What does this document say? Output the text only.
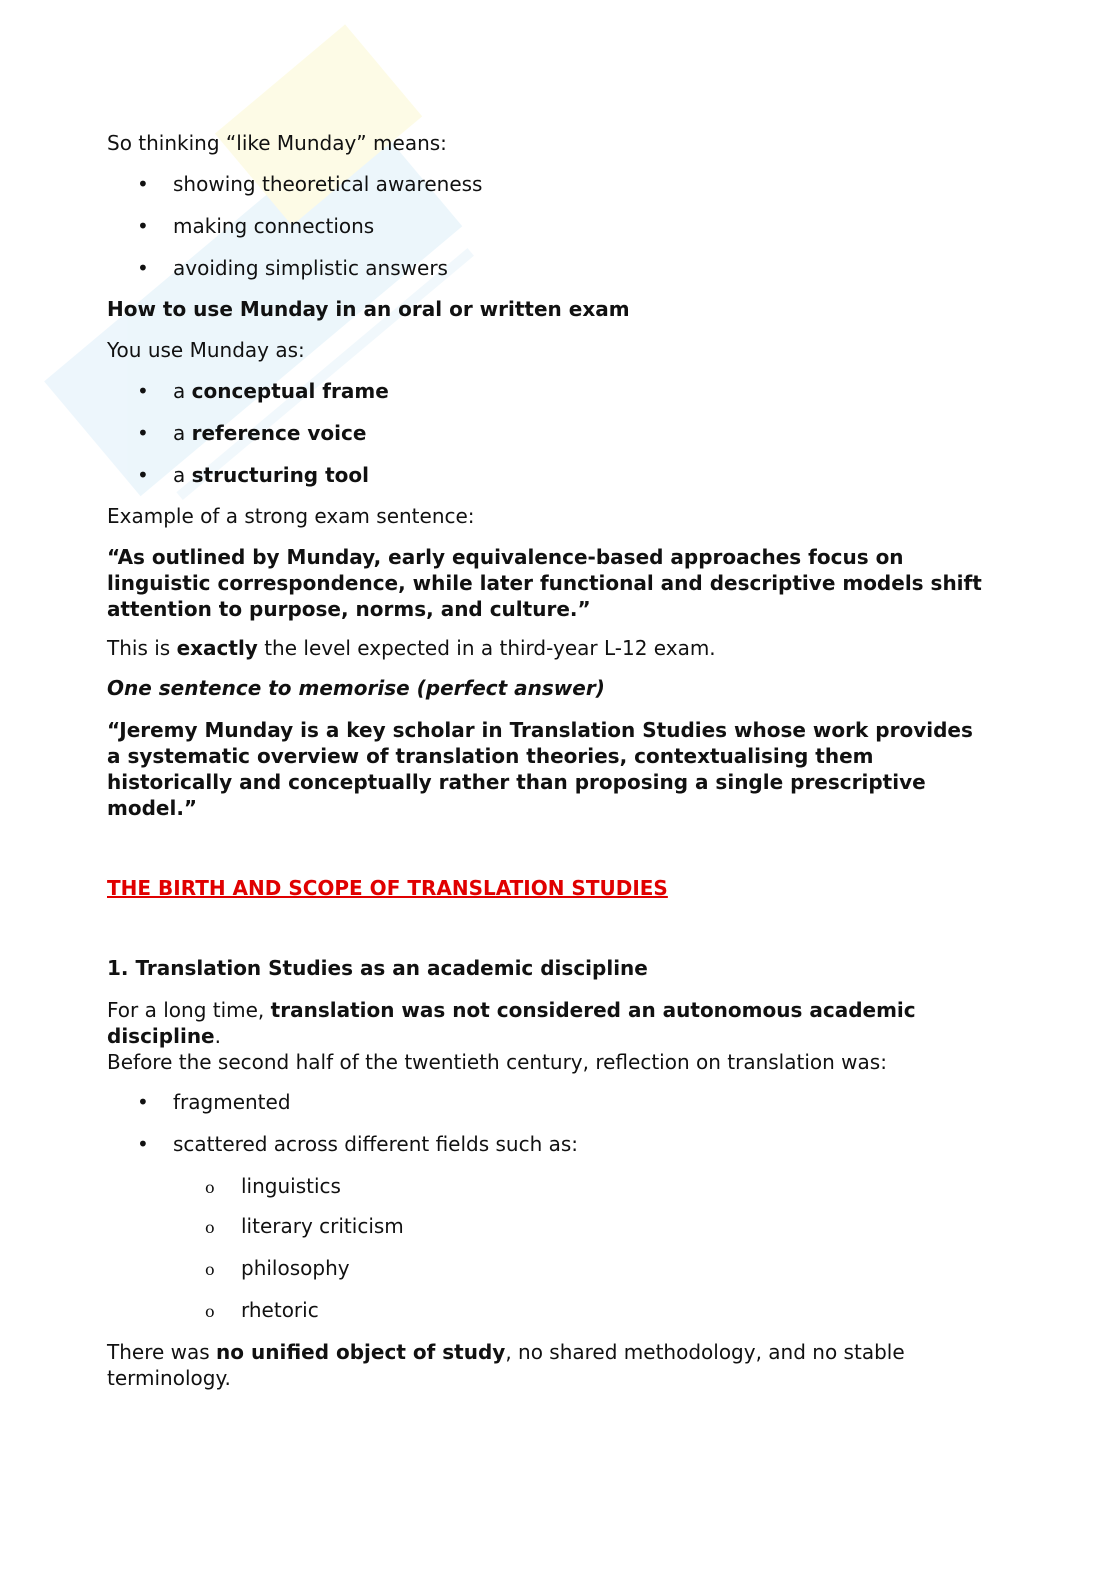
So thinking “like Munday” means:
• showing theoretical awareness
• making connections
• avoiding simplistic answers
How to use Munday in an oral or written exam
You use Munday as:
• a conceptual frame
• a reference voice
• a structuring tool
Example of a strong exam sentence:
“As outlined by Munday, early equivalence-based approaches focus on
linguistic correspondence, while later functional and descriptive models shift
attention to purpose, norms, and culture.”
This is exactly the level expected in a third-year L-12 exam.
One sentence to memorise (perfect answer)
“Jeremy Munday is a key scholar in Translation Studies whose work provides
a systematic overview of translation theories, contextualising them
historically and conceptually rather than proposing a single prescriptive
model.”
THE BIRTH AND SCOPE OF TRANSLATION STUDIES
1. Translation Studies as an academic discipline
For a long time, translation was not considered an autonomous academic
discipline.
Before the second half of the twentieth century, reflection on translation was:
• fragmented
• scattered across different fields such as:
o linguistics
o literary criticism
o philosophy
o rhetoric
There was no unified object of study, no shared methodology, and no stable
terminology.
